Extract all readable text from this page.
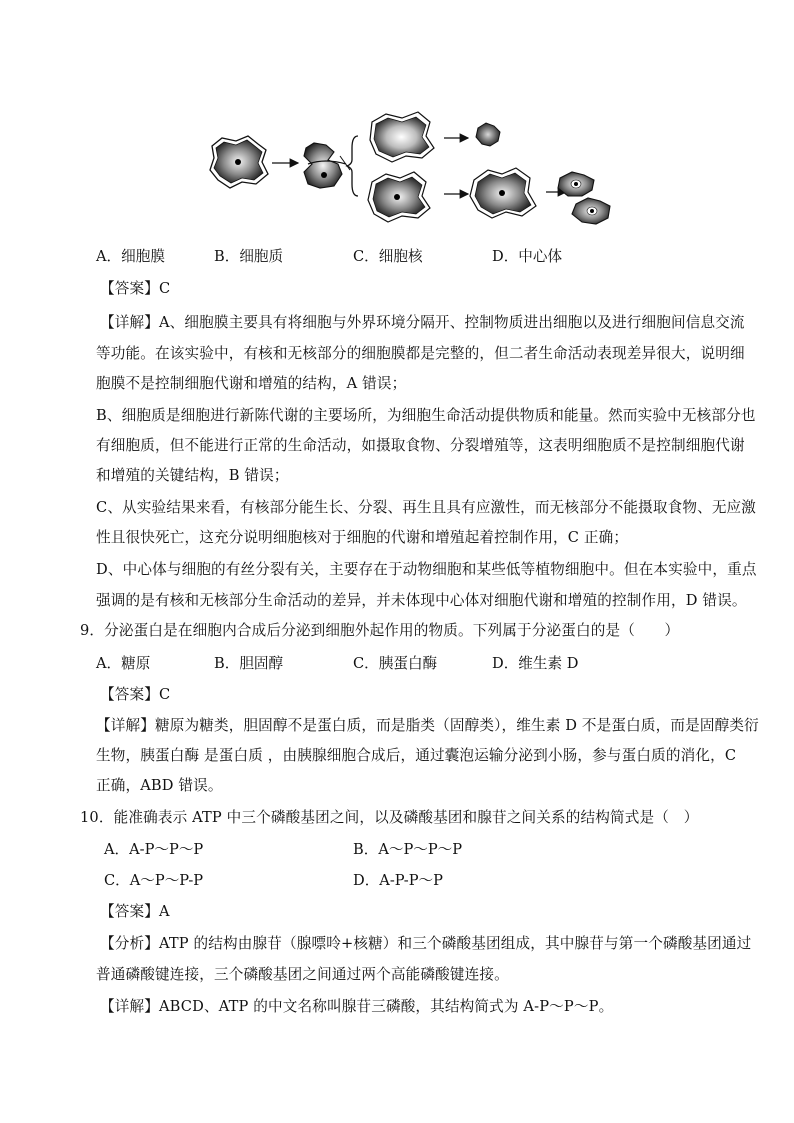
A．细胞膜	B．细胞质	C．细胞核	D．中心体
【答案】C
【详解】A、细胞膜主要具有将细胞与外界环境分隔开、控制物质进出细胞以及进行细胞间信息交流
等功能。在该实验中，有核和无核部分的细胞膜都是完整的，但二者生命活动表现差异很大，说明细
胞膜不是控制细胞代谢和增殖的结构，A 错误；
B、细胞质是细胞进行新陈代谢的主要场所，为细胞生命活动提供物质和能量。然而实验中无核部分也
有细胞质，但不能进行正常的生命活动，如摄取食物、分裂增殖等，这表明细胞质不是控制细胞代谢
和增殖的关键结构，B 错误；
C、从实验结果来看，有核部分能生长、分裂、再生且具有应激性，而无核部分不能摄取食物、无应激
性且很快死亡，这充分说明细胞核对于细胞的代谢和增殖起着控制作用，C 正确；
D、中心体与细胞的有丝分裂有关，主要存在于动物细胞和某些低等植物细胞中。但在本实验中，重点
强调的是有核和无核部分生命活动的差异，并未体现中心体对细胞代谢和增殖的控制作用，D 错误。
9．分泌蛋白是在细胞内合成后分泌到细胞外起作用的物质。下列属于分泌蛋白的是（　　）
A．糖原	B．胆固醇	C．胰蛋白酶	D．维生素 D
【答案】C
【详解】糖原为糖类，胆固醇不是蛋白质，而是脂类（固醇类），维生素 D 不是蛋白质，而是固醇类衍
生物，胰蛋白酶 是蛋白质 ，由胰腺细胞合成后，通过囊泡运输分泌到小肠，参与蛋白质的消化，C
正确，ABD 错误。
10．能准确表示 ATP 中三个磷酸基团之间，以及磷酸基团和腺苷之间关系的结构简式是（　）
A．A-P～P～P	B．A～P～P～P
C．A～P～P-P	D．A-P-P～P
【答案】A
【分析】ATP 的结构由腺苷（腺嘌呤+核糖）和三个磷酸基团组成，其中腺苷与第一个磷酸基团通过
普通磷酸键连接，三个磷酸基团之间通过两个高能磷酸键连接。
【详解】ABCD、ATP 的中文名称叫腺苷三磷酸，其结构简式为 A-P～P～P。
